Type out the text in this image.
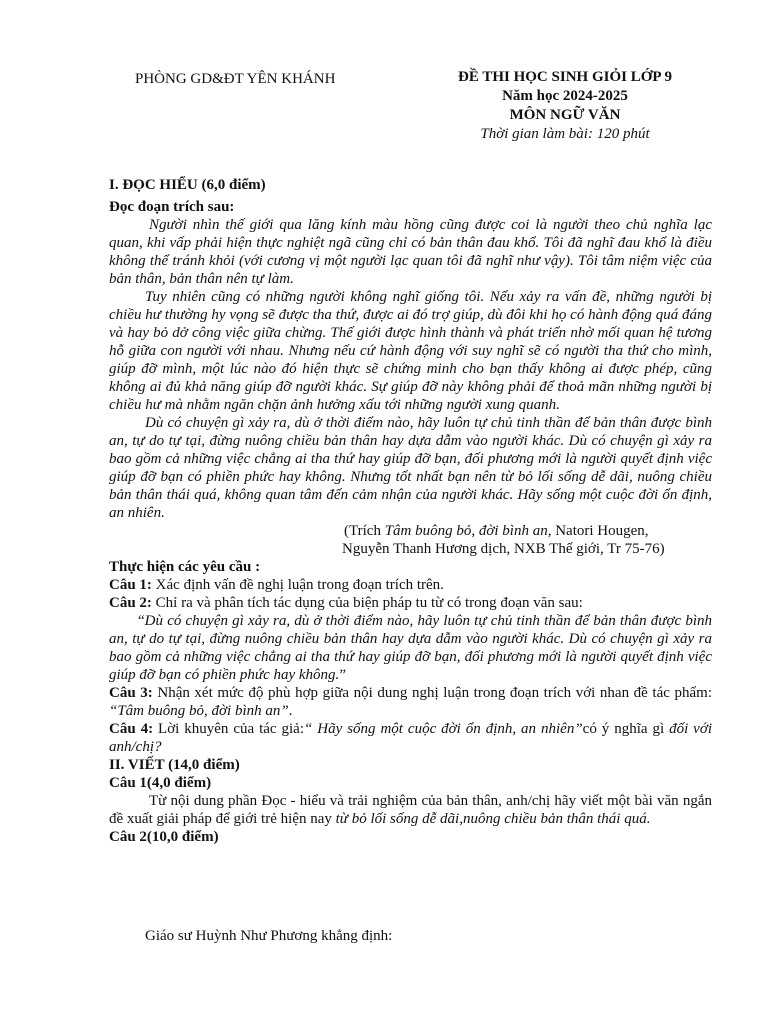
PHÒNG GD&ĐT YÊN KHÁNH	ĐỀ THI HỌC SINH GIỎI LỚP 9
Năm học 2024-2025
MÔN NGỮ VĂN
Thời gian làm bài: 120 phút

I. ĐỌC HIỂU (6,0 điểm)

Đọc đoạn trích sau:

Người nhìn thế giới qua lăng kính màu hồng cũng được coi là người theo chủ nghĩa lạc quan, khi vấp phải hiện thực nghiệt ngã cũng chỉ có bản thân đau khổ. Tôi đã nghĩ đau khổ là điều không thể tránh khỏi (với cương vị một người lạc quan tôi đã nghĩ như vậy). Tôi tâm niệm việc của bản thân, bản thân nên tự làm.

Tuy nhiên cũng có những người không nghĩ giống tôi. Nếu xảy ra vấn đề, những người bị chiều hư thường hy vọng sẽ được tha thứ, được ai đó trợ giúp, dù đôi khi họ có hành động quá đáng và hay bỏ dở công việc giữa chừng. Thế giới được hình thành và phát triển nhờ mối quan hệ tương hỗ giữa con người với nhau. Nhưng nếu cứ hành động với suy nghĩ sẽ có người tha thứ cho mình, giúp đỡ mình, một lúc nào đó hiện thực sẽ chứng minh cho bạn thấy không ai được phép, cũng không ai đủ khả năng giúp đỡ người khác. Sự giúp đỡ này không phải để thoả mãn những người bị chiều hư mà nhằm ngăn chặn ảnh hưởng xấu tới những người xung quanh.

Dù có chuyện gì xảy ra, dù ở thời điểm nào, hãy luôn tự chủ tinh thần để bản thân được bình an, tự do tự tại, đừng nuông chiều bản thân hay dựa dẫm vào người khác. Dù có chuyện gì xảy ra bao gồm cả những việc chẳng ai tha thứ hay giúp đỡ bạn, đối phương mới là người quyết định việc giúp đỡ bạn có phiền phức hay không. Nhưng tốt nhất bạn nên từ bỏ lối sống dễ dãi, nuông chiều bản thân thái quá, không quan tâm đến cảm nhận của người khác. Hãy sống một cuộc đời ổn định, an nhiên.

(Trích Tâm buông bỏ, đời bình an, Natori Hougen,

Nguyễn Thanh Hương dịch, NXB Thế giới, Tr 75-76)

Thực hiện các yêu cầu :

Câu 1: Xác định vấn đề nghị luận trong đoạn trích trên.

Câu 2: Chỉ ra và phân tích tác dụng của biện pháp tu từ có trong đoạn văn sau:

“Dù có chuyện gì xảy ra, dù ở thời điểm nào, hãy luôn tự chủ tinh thần để bản thân được bình an, tự do tự tại, đừng nuông chiều bản thân hay dựa dẫm vào người khác. Dù có chuyện gì xảy ra bao gồm cả những việc chẳng ai tha thứ hay giúp đỡ bạn, đối phương mới là người quyết định việc giúp đỡ bạn có phiền phức hay không.”

Câu 3: Nhận xét mức độ phù hợp giữa nội dung nghị luận trong đoạn trích với nhan đề tác phẩm: “Tâm buông bỏ, đời bình an”.

Câu 4: Lời khuyên của tác giả:“ Hãy sống một cuộc đời ổn định, an nhiên”có ý nghĩa gì đối với anh/chị?

II. VIẾT (14,0 điểm)

Câu 1(4,0 điểm)

Từ nội dung phần Đọc - hiểu và trải nghiệm của bản thân, anh/chị hãy viết một bài văn ngắn đề xuất giải pháp để giới trẻ hiện nay từ bỏ lối sống dễ dãi,nuông chiều bản thân thái quá.

Câu 2(10,0 điểm)

Giáo sư Huỳnh Như Phương khẳng định:
